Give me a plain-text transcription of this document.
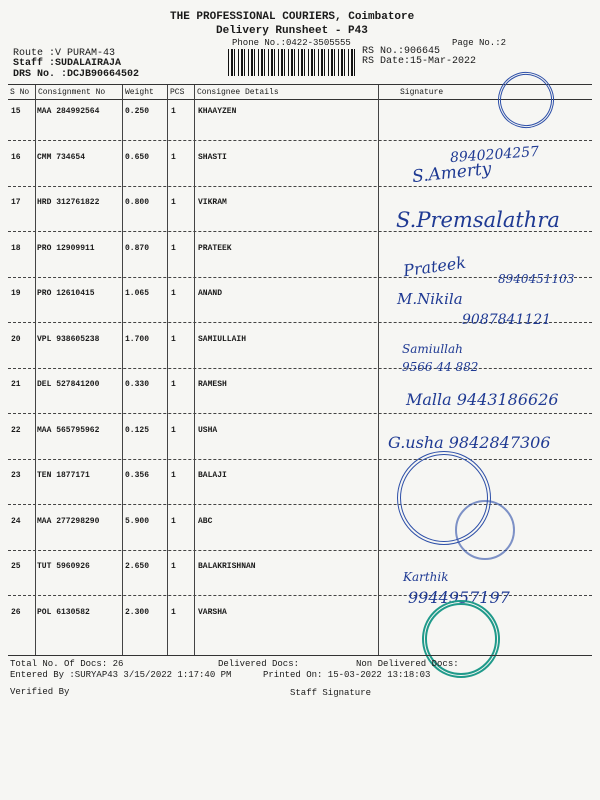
THE PROFESSIONAL COURIERS, Coimbatore
Delivery Runsheet - P43
Phone No.:0422-3505555	Page No.:2
Route :V PURAM-43
Staff :SUDALAIRAJA
DRS No. :DCJB90664502
RS No.:906645
RS Date:15-Mar-2022
S No Consignment No Weight PCS Consignee Details	Signature
15 MAA 284992564	0.250	1	KHAAYZEN
16 CMM 734654	0.650	1	SHASTI
17 HRD 312761822	0.800	1	VIKRAM
18 PRO 12909911	0.870	1	PRATEEK
19 PRO 12610415	1.065	1	ANAND
20 VPL 938605238	1.700	1	SAMIULLAIH
21 DEL 527841200	0.330	1	RAMESH
22 MAA 565795962	0.125	1	USHA
23 TEN 1877171	0.356	1	BALAJI
24 MAA 277298290	5.900	1	ABC
25 TUT 5960926	2.650	1	BALAKRISHNAN
26 POL 6130582	2.300	1	VARSHA
8940204257
S.Amerty
S.Premsalathra
Prateek	8940451103
M.Nikila
9087841121
Samiullah
9566 44 882
Malla 9443186626
G.usha 9842847306
Karthik
9944957197
Total No. Of Docs: 26	Delivered Docs:	Non Delivered Docs:
Entered By :SURYAP43 3/15/2022 1:17:40 PM	Printed On: 15-03-2022 13:18:03
Verified By	Staff Signature
